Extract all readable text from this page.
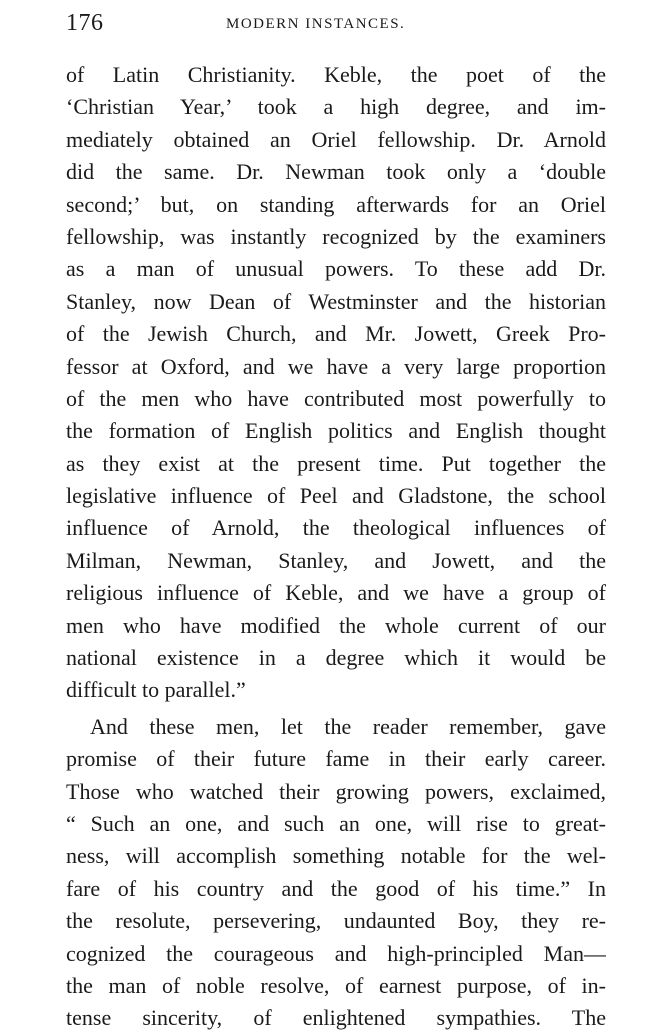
176	MODERN INSTANCES.
of Latin Christianity. Keble, the poet of the
‘Christian Year,’ took a high degree, and im-
mediately obtained an Oriel fellowship. Dr. Arnold
did the same. Dr. Newman took only a ‘double
second;’ but, on standing afterwards for an Oriel
fellowship, was instantly recognized by the examiners
as a man of unusual powers. To these add Dr.
Stanley, now Dean of Westminster and the historian
of the Jewish Church, and Mr. Jowett, Greek Pro-
fessor at Oxford, and we have a very large proportion
of the men who have contributed most powerfully to
the formation of English politics and English thought
as they exist at the present time. Put together the
legislative influence of Peel and Gladstone, the school
influence of Arnold, the theological influences of
Milman, Newman, Stanley, and Jowett, and the
religious influence of Keble, and we have a group of
men who have modified the whole current of our
national existence in a degree which it would be
difficult to parallel.”
And these men, let the reader remember, gave
promise of their future fame in their early career.
Those who watched their growing powers, exclaimed,
“ Such an one, and such an one, will rise to great-
ness, will accomplish something notable for the wel-
fare of his country and the good of his time.” In
the resolute, persevering, undaunted Boy, they re-
cognized the courageous and high-principled Man—
the man of noble resolve, of earnest purpose, of in-
tense sincerity, of enlightened sympathies. The
